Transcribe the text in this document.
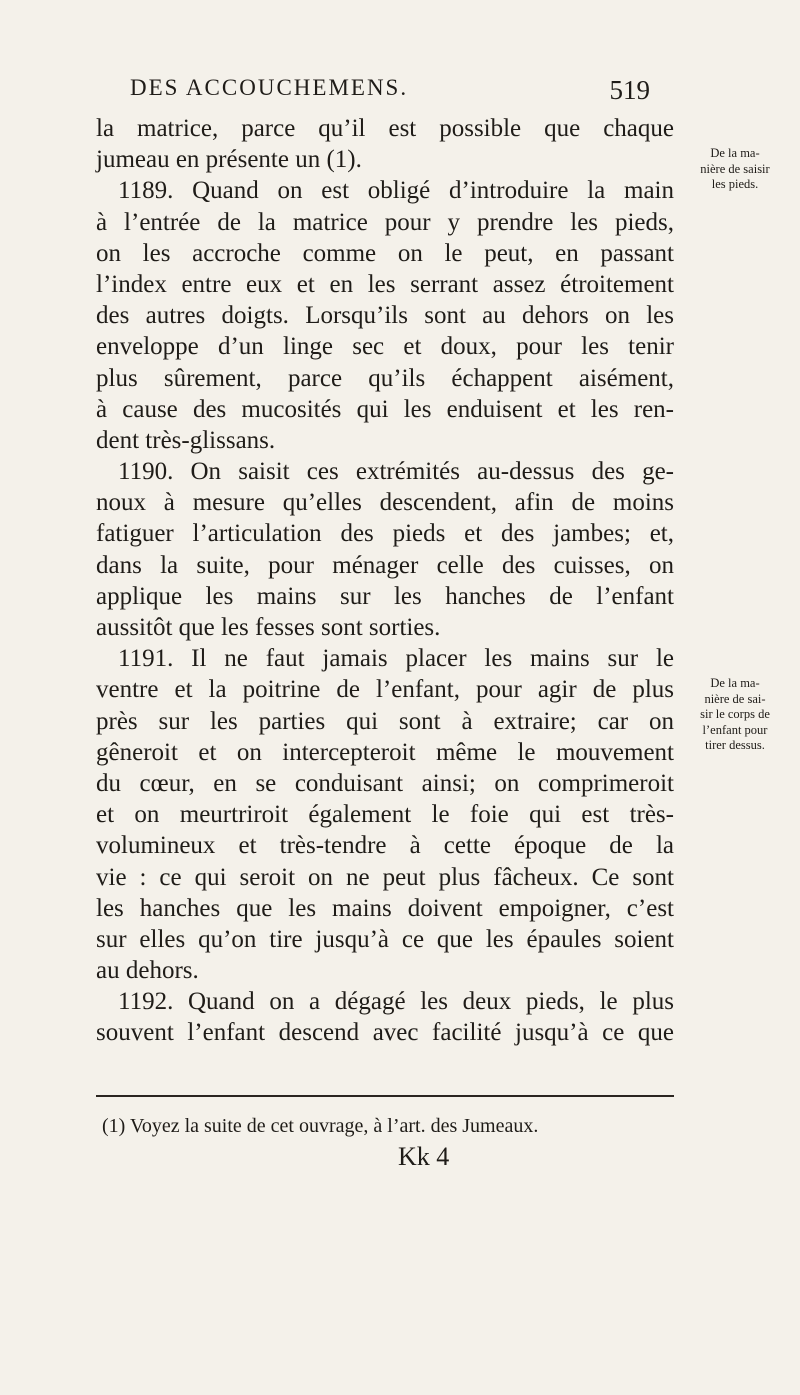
DES ACCOUCHEMENS.	519
la matrice, parce qu’il est possible que chaque
jumeau en présente un (1).
1189. Quand on est obligé d’introduire la main
à l’entrée de la matrice pour y prendre les pieds,
on les accroche comme on le peut, en passant
l’index entre eux et en les serrant assez étroitement
des autres doigts. Lorsqu’ils sont au dehors on les
enveloppe d’un linge sec et doux, pour les tenir
plus sûrement, parce qu’ils échappent aisément,
à cause des mucosités qui les enduisent et les ren-
dent très-glissans.
1190. On saisit ces extrémités au-dessus des ge-
noux à mesure qu’elles descendent, afin de moins
fatiguer l’articulation des pieds et des jambes; et,
dans la suite, pour ménager celle des cuisses, on
applique les mains sur les hanches de l’enfant
aussitôt que les fesses sont sorties.
1191. Il ne faut jamais placer les mains sur le
ventre et la poitrine de l’enfant, pour agir de plus
près sur les parties qui sont à extraire; car on
gêneroit et on intercepteroit même le mouvement
du cœur, en se conduisant ainsi; on comprimeroit
et on meurtriroit également le foie qui est très-
volumineux et très-tendre à cette époque de la
vie : ce qui seroit on ne peut plus fâcheux. Ce sont
les hanches que les mains doivent empoigner, c’est
sur elles qu’on tire jusqu’à ce que les épaules soient
au dehors.
1192. Quand on a dégagé les deux pieds, le plus
souvent l’enfant descend avec facilité jusqu’à ce que
De la ma-
nière de saisir
les pieds.
De la ma-
nière de sai-
sir le corps de
l’enfant pour
tirer dessus.
(1) Voyez la suite de cet ouvrage, à l’art. des Jumeaux.
Kk 4
